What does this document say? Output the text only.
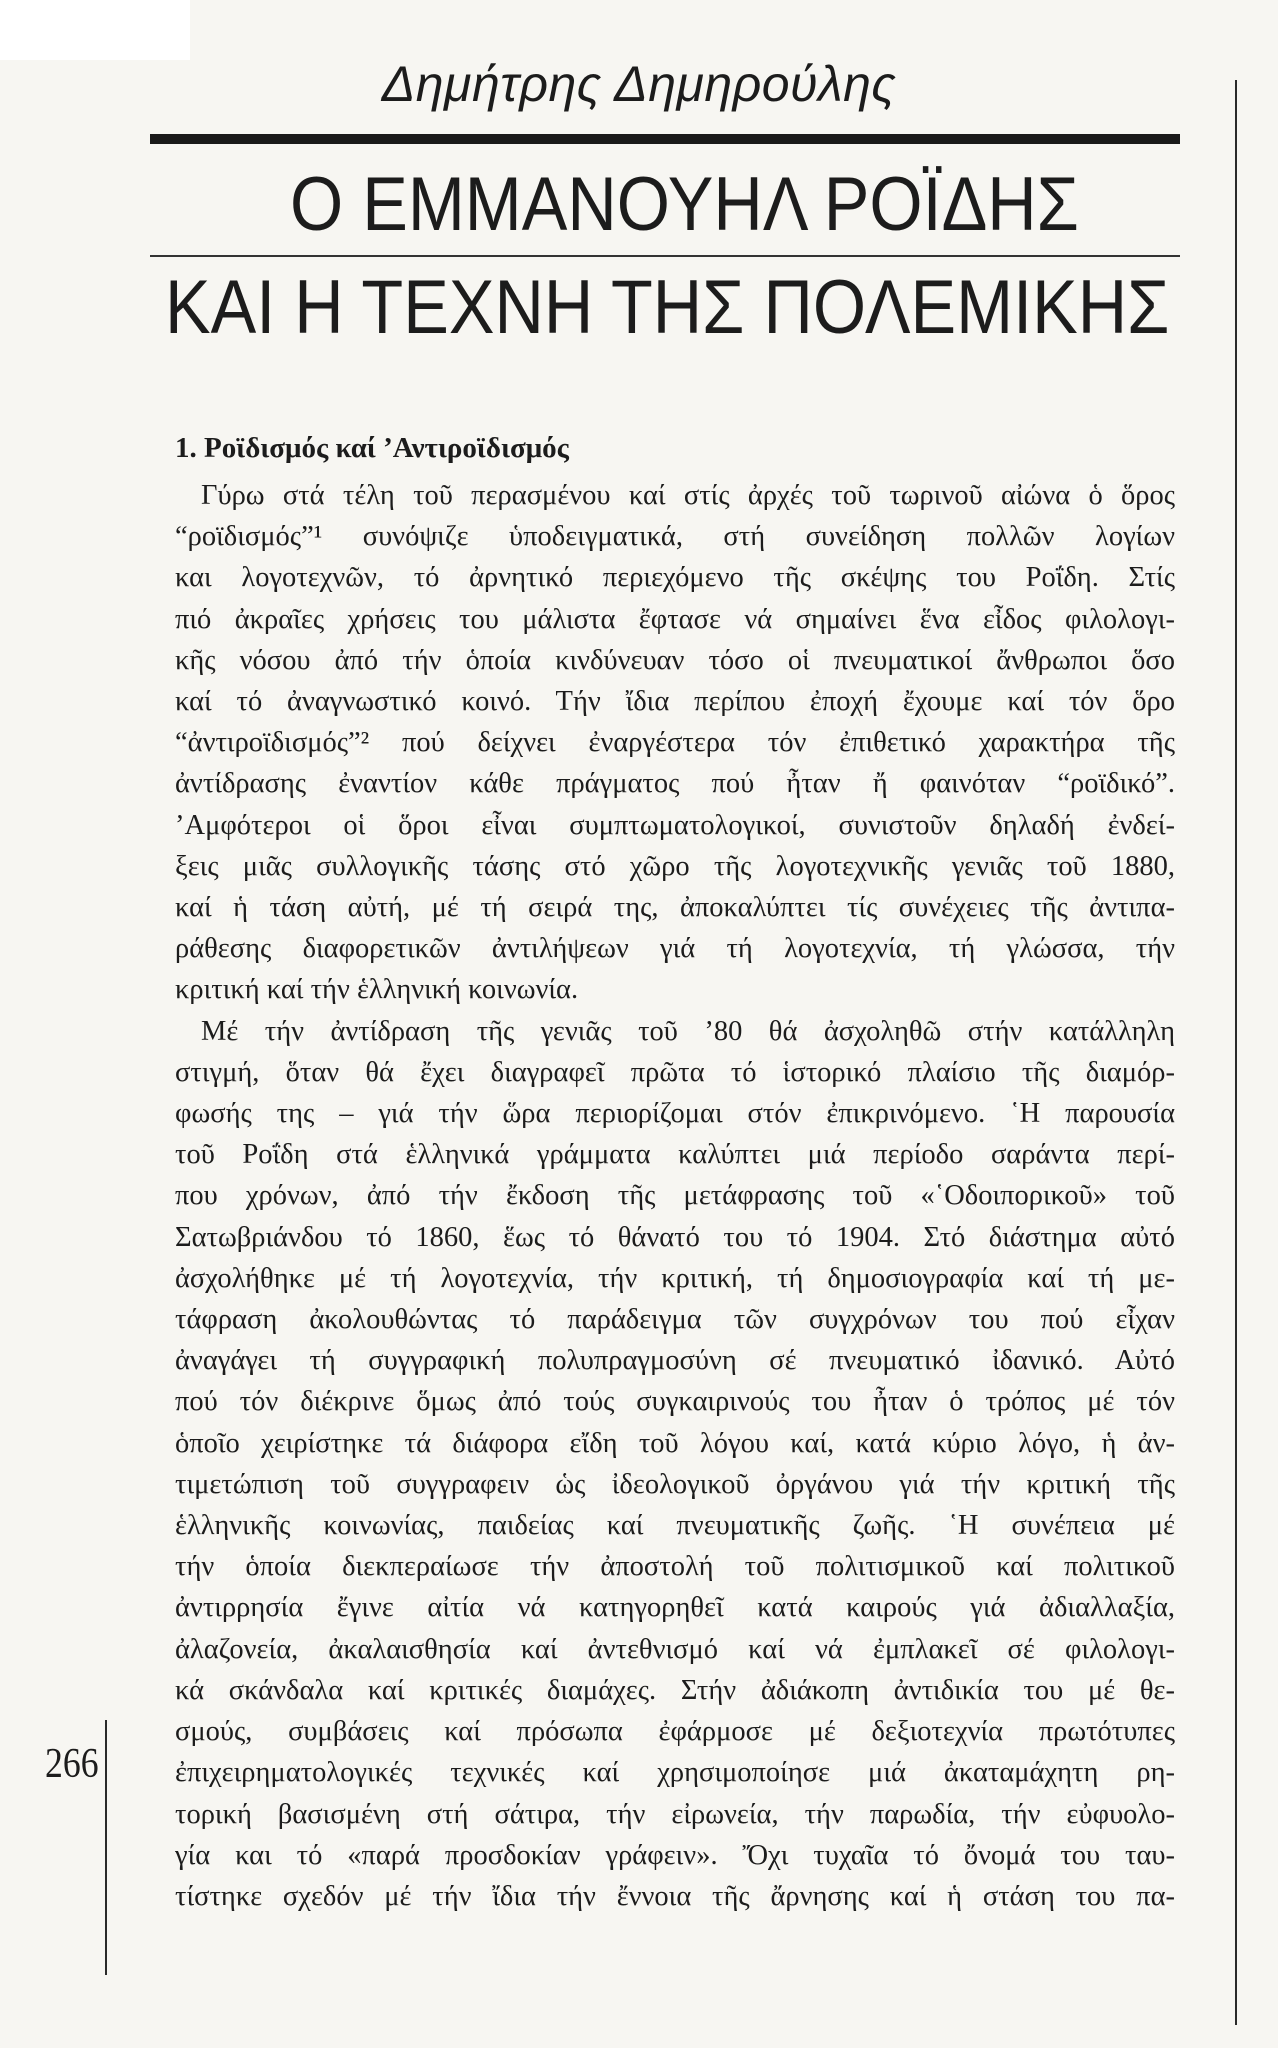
Δημήτρης Δημηρούλης
Ο ΕΜΜΑΝΟΥΗΛ ΡΟΪΔΗΣ
ΚΑΙ Η ΤΕΧΝΗ ΤΗΣ ΠΟΛΕΜΙΚΗΣ
1. Ροϊδισμός καί ’Αντιροϊδισμός
Γύρω στά τέλη τοῦ περασμένου καί στίς ἀρχές τοῦ τωρινοῦ αἰώνα ὁ ὅρος
“ροϊδισμός”¹ συνόψιζε ὑποδειγματικά, στή συνείδηση πολλῶν λογίων
και λογοτεχνῶν, τό ἀρνητικό περιεχόμενο τῆς σκέψης του Ροΐδη. Στίς
πιό ἀκραῖες χρήσεις του μάλιστα ἔφτασε νά σημαίνει ἕνα εἶδος φιλολογι-
κῆς νόσου ἀπό τήν ὁποία κινδύνευαν τόσο οἱ πνευματικοί ἄνθρωποι ὅσο
καί τό ἀναγνωστικό κοινό. Τήν ἴδια περίπου ἐποχή ἔχουμε καί τόν ὅρο
“ἀντιροϊδισμός”² πού δείχνει ἐναργέστερα τόν ἐπιθετικό χαρακτήρα τῆς
ἀντίδρασης ἐναντίον κάθε πράγματος πού ἦταν ἤ φαινόταν “ροϊδικό”.
’Αμφότεροι οἱ ὅροι εἶναι συμπτωματολογικοί, συνιστοῦν δηλαδή ἐνδεί-
ξεις μιᾶς συλλογικῆς τάσης στό χῶρο τῆς λογοτεχνικῆς γενιᾶς τοῦ 1880,
καί ἡ τάση αὐτή, μέ τή σειρά της, ἀποκαλύπτει τίς συνέχειες τῆς ἀντιπα-
ράθεσης διαφορετικῶν ἀντιλήψεων γιά τή λογοτεχνία, τή γλώσσα, τήν
κριτική καί τήν ἑλληνική κοινωνία.
Μέ τήν ἀντίδραση τῆς γενιᾶς τοῦ ’80 θά ἀσχοληθῶ στήν κατάλληλη
στιγμή, ὅταν θά ἔχει διαγραφεῖ πρῶτα τό ἱστορικό πλαίσιο τῆς διαμόρ-
φωσής της – γιά τήν ὥρα περιορίζομαι στόν ἐπικρινόμενο. ῾Η παρουσία
τοῦ Ροΐδη στά ἑλληνικά γράμματα καλύπτει μιά περίοδο σαράντα περί-
που χρόνων, ἀπό τήν ἔκδοση τῆς μετάφρασης τοῦ «῾Οδοιπορικοῦ» τοῦ
Σατωβριάνδου τό 1860, ἕως τό θάνατό του τό 1904. Στό διάστημα αὐτό
ἀσχολήθηκε μέ τή λογοτεχνία, τήν κριτική, τή δημοσιογραφία καί τή με-
τάφραση ἀκολουθώντας τό παράδειγμα τῶν συγχρόνων του πού εἶχαν
ἀναγάγει τή συγγραφική πολυπραγμοσύνη σέ πνευματικό ἰδανικό. Αὐτό
πού τόν διέκρινε ὅμως ἀπό τούς συγκαιρινούς του ἦταν ὁ τρόπος μέ τόν
ὁποῖο χειρίστηκε τά διάφορα εἴδη τοῦ λόγου καί, κατά κύριο λόγο, ἡ ἀν-
τιμετώπιση τοῦ συγγραφειν ὡς ἰδεολογικοῦ ὀργάνου γιά τήν κριτική τῆς
ἑλληνικῆς κοινωνίας, παιδείας καί πνευματικῆς ζωῆς. ῾Η συνέπεια μέ
τήν ὁποία διεκπεραίωσε τήν ἀποστολή τοῦ πολιτισμικοῦ καί πολιτικοῦ
ἀντιρρησία ἔγινε αἰτία νά κατηγορηθεῖ κατά καιρούς γιά ἀδιαλλαξία,
ἀλαζονεία, ἀκαλαισθησία καί ἀντεθνισμό καί νά ἐμπλακεῖ σέ φιλολογι-
κά σκάνδαλα καί κριτικές διαμάχες. Στήν ἀδιάκοπη ἀντιδικία του μέ θε-
σμούς, συμβάσεις καί πρόσωπα ἐφάρμοσε μέ δεξιοτεχνία πρωτότυπες
ἐπιχειρηματολογικές τεχνικές καί χρησιμοποίησε μιά ἀκαταμάχητη ρη-
τορική βασισμένη στή σάτιρα, τήν εἰρωνεία, τήν παρωδία, τήν εὐφυολο-
γία και τό «παρά προσδοκίαν γράφειν». Ὄχι τυχαῖα τό ὄνομά του ταυ-
τίστηκε σχεδόν μέ τήν ἴδια τήν ἔννοια τῆς ἄρνησης καί ἡ στάση του πα-
266
